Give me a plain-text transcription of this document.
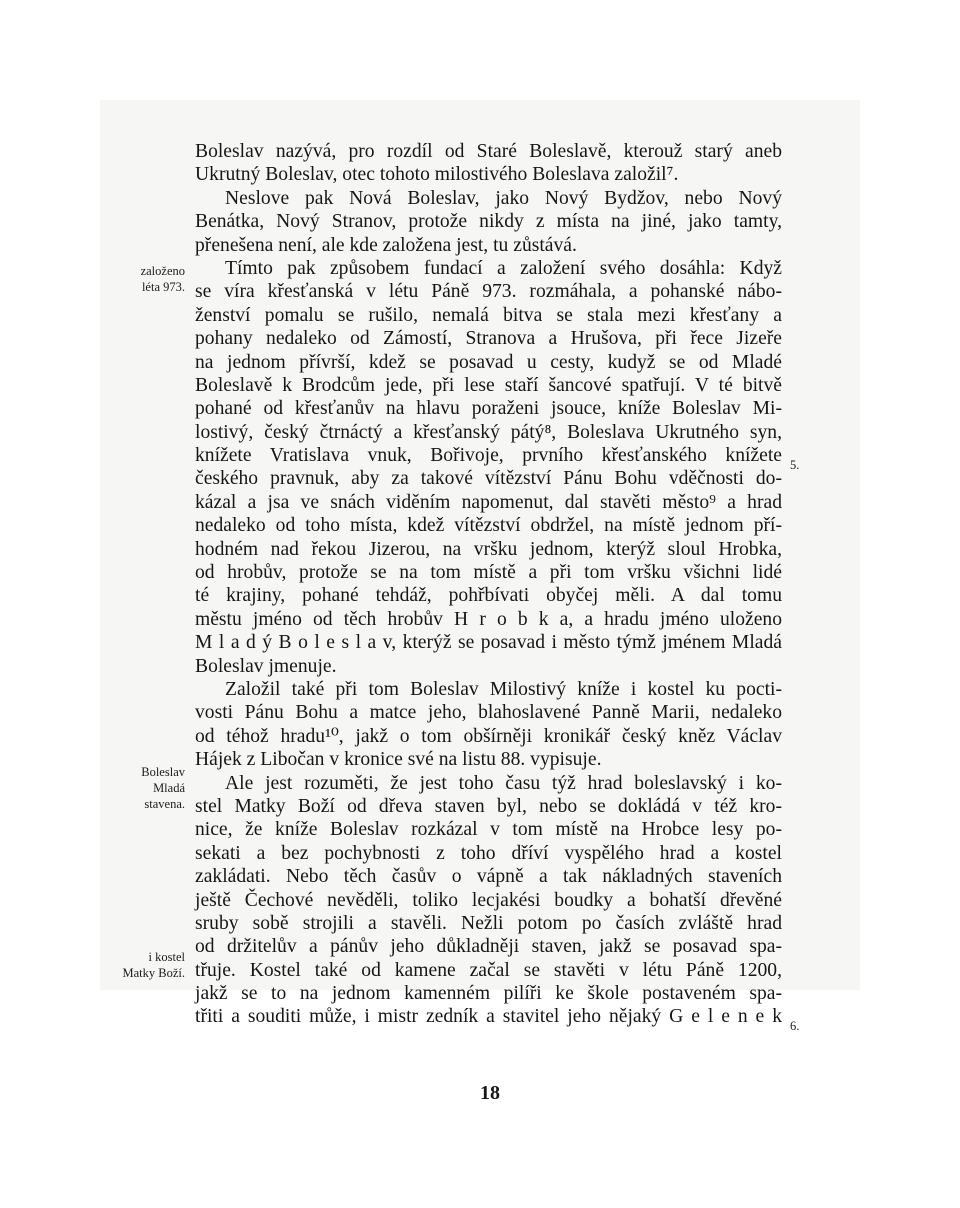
Boleslav nazývá, pro rozdíl od Staré Boleslavě, kterouž starý aneb
Ukrutný Boleslav, otec tohoto milostivého Boleslava založil⁷.
Neslove pak Nová Boleslav, jako Nový Bydžov, nebo Nový
Benátka, Nový Stranov, protože nikdy z místa na jiné, jako tamty,
přenešena není, ale kde založena jest, tu zůstává.
Tímto pak způsobem fundací a založení svého dosáhla: Když
se víra křesťanská v létu Páně 973. rozmáhala, a pohanské nábo-
ženství pomalu se rušilo, nemalá bitva se stala mezi křesťany a
pohany nedaleko od Zámostí, Stranova a Hrušova, při řece Jizeře
na jednom přívrší, kdež se posavad u cesty, kudyž se od Mladé
Boleslavě k Brodcům jede, při lese staří šancové spatřují. V té bitvě
pohané od křesťanův na hlavu poraženi jsouce, kníže Boleslav Mi-
lostivý, český čtrnáctý a křesťanský pátý⁸, Boleslava Ukrutného syn,
knížete Vratislava vnuk, Bořivoje, prvního křesťanského knížete
českého pravnuk, aby za takové vítězství Pánu Bohu vděčnosti do-
kázal a jsa ve snách viděním napomenut, dal stavěti město⁹ a hrad
nedaleko od toho místa, kdež vítězství obdržel, na místě jednom pří-
hodném nad řekou Jizerou, na vršku jednom, kterýž sloul Hrobka,
od hrobův, protože se na tom místě a při tom vršku všichni lidé
té krajiny, pohané tehdáž, pohřbívati obyčej měli. A dal tomu
městu jméno od těch hrobův H r o b k a, a hradu jméno uloženo
M l a d ý B o l e s l a v, kterýž se posavad i město týmž jménem Mladá
Boleslav jmenuje.
Založil také při tom Boleslav Milostivý kníže i kostel ku pocti-
vosti Pánu Bohu a matce jeho, blahoslavené Panně Marii, nedaleko
od téhož hradu¹⁰, jakž o tom obšírněji kronikář český kněz Václav
Hájek z Libočan v kronice své na listu 88. vypisuje.
Ale jest rozuměti, že jest toho času týž hrad boleslavský i ko-
stel Matky Boží od dřeva staven byl, nebo se dokládá v též kro-
nice, že kníže Boleslav rozkázal v tom místě na Hrobce lesy po-
sekati a bez pochybnosti z toho dříví vyspělého hrad a kostel
zakládati. Nebo těch časův o vápně a tak nákladných staveních
ještě Čechové nevěděli, toliko lecjakési boudky a bohatší dřevěné
sruby sobě strojili a stavěli. Nežli potom po časích zvláště hrad
od držitelův a pánův jeho důkladněji staven, jakž se posavad spa-
třuje. Kostel také od kamene začal se stavěti v létu Páně 1200,
jakž se to na jednom kamenném pilíři ke škole postaveném spa-
třiti a souditi může, i mistr zedník a stavitel jeho nějaký G e l e n e k
založeno
léta 973.
Boleslav
Mladá
stavena.
i kostel
Matky Boží.
5.
6.
18
